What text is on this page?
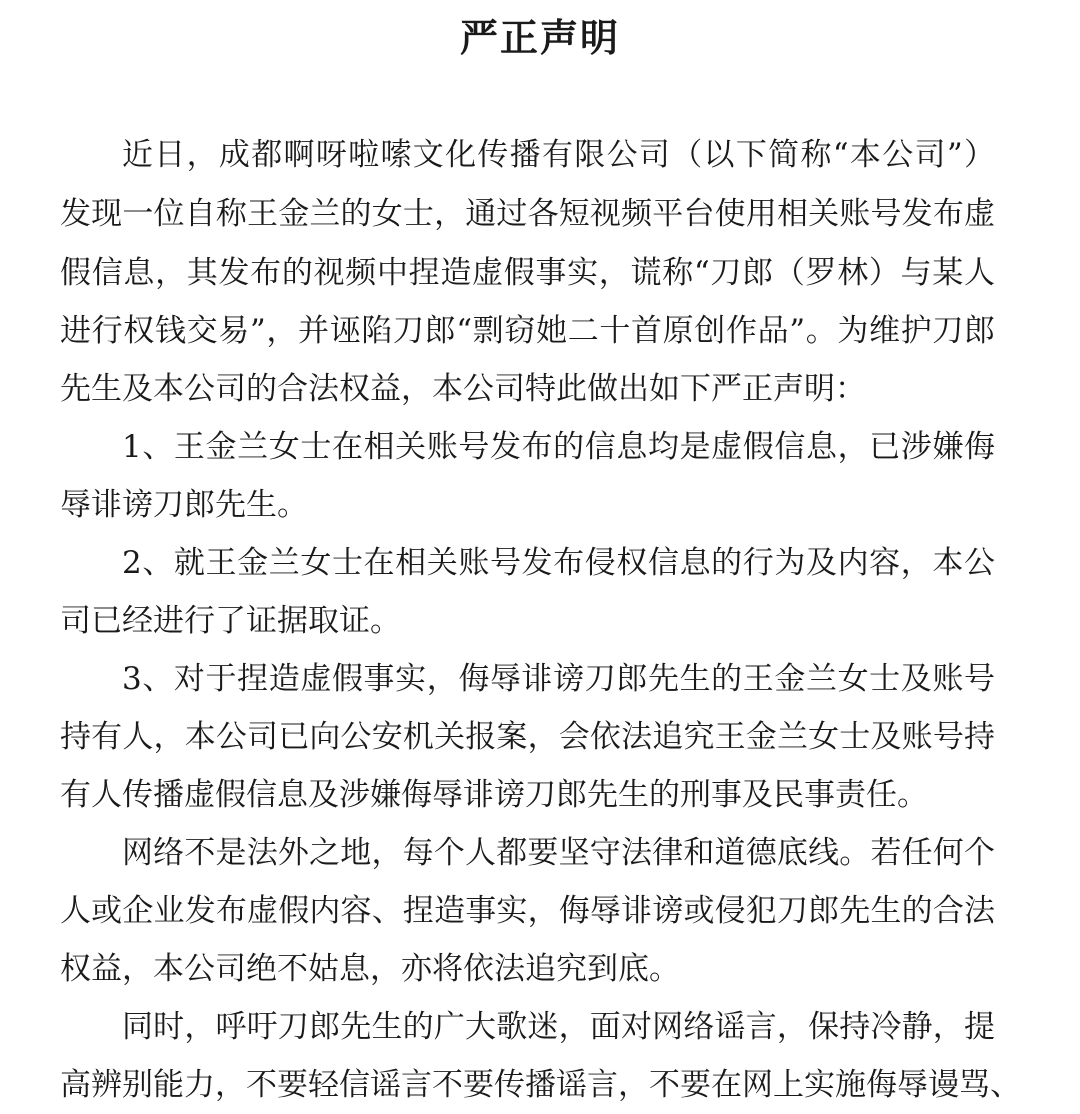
严正声明

近日，成都啊呀啦嗦文化传播有限公司（以下简称“本公司”）

发现一位自称王金兰的女士，通过各短视频平台使用相关账号发布虚

假信息，其发布的视频中捏造虚假事实，谎称“刀郎（罗林）与某人

进行权钱交易”，并诬陷刀郎“剽窃她二十首原创作品”。为维护刀郎

先生及本公司的合法权益，本公司特此做出如下严正声明：

1、王金兰女士在相关账号发布的信息均是虚假信息，已涉嫌侮

辱诽谤刀郎先生。

2、就王金兰女士在相关账号发布侵权信息的行为及内容，本公

司已经进行了证据取证。

3、对于捏造虚假事实，侮辱诽谤刀郎先生的王金兰女士及账号

持有人，本公司已向公安机关报案，会依法追究王金兰女士及账号持

有人传播虚假信息及涉嫌侮辱诽谤刀郎先生的刑事及民事责任。

网络不是法外之地，每个人都要坚守法律和道德底线。若任何个

人或企业发布虚假内容、捏造事实，侮辱诽谤或侵犯刀郎先生的合法

权益，本公司绝不姑息，亦将依法追究到底。

同时，呼吁刀郎先生的广大歌迷，面对网络谣言，保持冷静，提

高辨别能力，不要轻信谣言不要传播谣言，不要在网上实施侮辱谩骂、
